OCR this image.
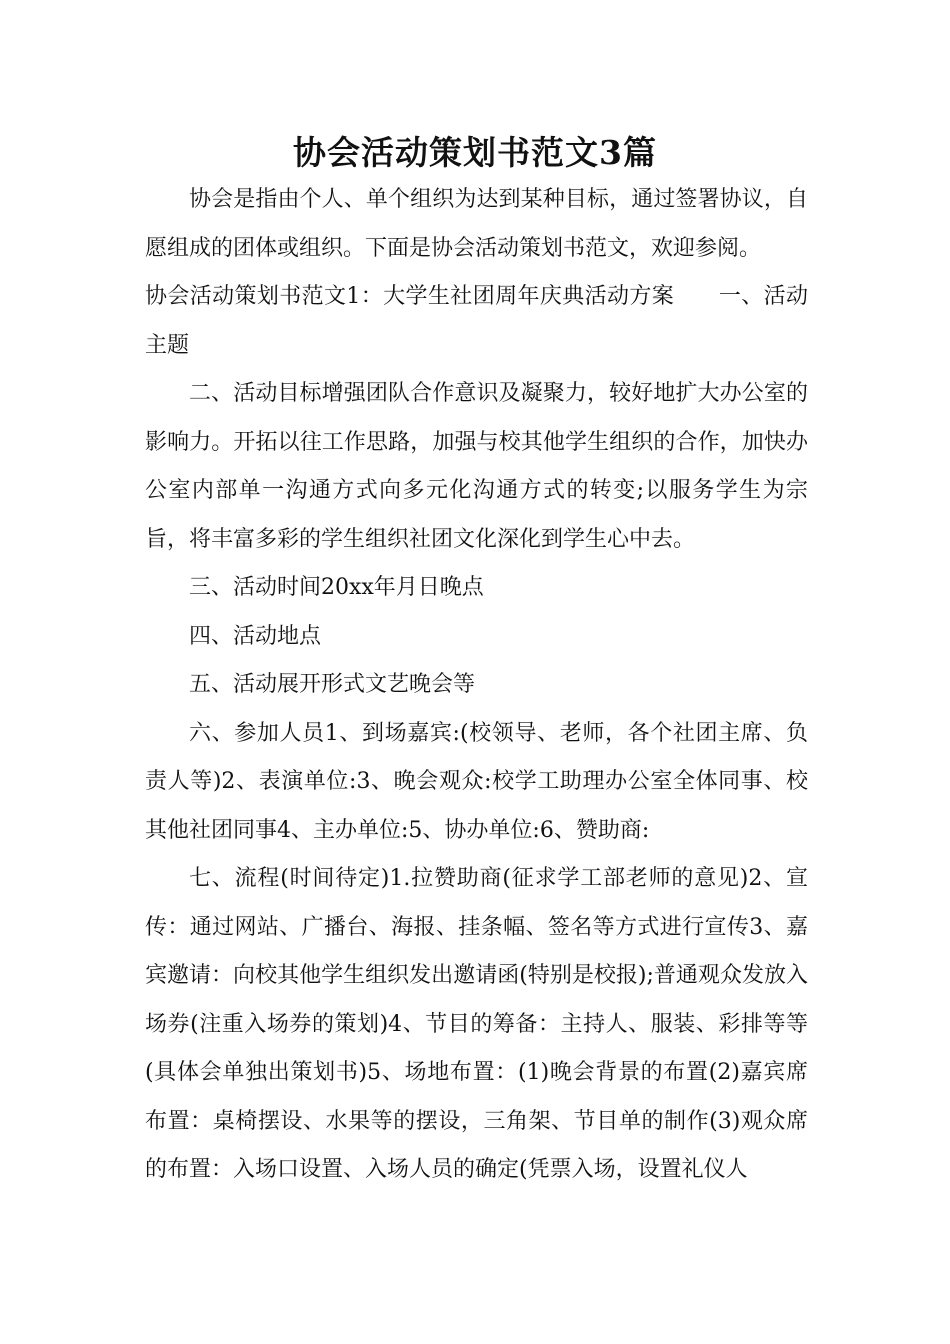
协会活动策划书范文3篇

协会是指由个人、单个组织为达到某种目标，通过签署协议，自愿组成的团体或组织。下面是协会活动策划书范文，欢迎参阅。

协会活动策划书范文1：大学生社团周年庆典活动方案　　一、活动主题

二、活动目标增强团队合作意识及凝聚力，较好地扩大办公室的影响力。开拓以往工作思路，加强与校其他学生组织的合作，加快办公室内部单一沟通方式向多元化沟通方式的转变;以服务学生为宗旨，将丰富多彩的学生组织社团文化深化到学生心中去。

三、活动时间20xx年月日晚点

四、活动地点

五、活动展开形式文艺晚会等

六、参加人员1、到场嘉宾:(校领导、老师，各个社团主席、负责人等)2、表演单位:3、晚会观众:校学工助理办公室全体同事、校其他社团同事4、主办单位:5、协办单位:6、赞助商:

七、流程(时间待定)1.拉赞助商(征求学工部老师的意见)2、宣传：通过网站、广播台、海报、挂条幅、签名等方式进行宣传3、嘉宾邀请：向校其他学生组织发出邀请函(特别是校报);普通观众发放入场券(注重入场券的策划)4、节目的筹备：主持人、服装、彩排等等(具体会单独出策划书)5、场地布置：(1)晚会背景的布置(2)嘉宾席布置：桌椅摆设、水果等的摆设，三角架、节目单的制作(3)观众席的布置：入场口设置、入场人员的确定(凭票入场，设置礼仪人
